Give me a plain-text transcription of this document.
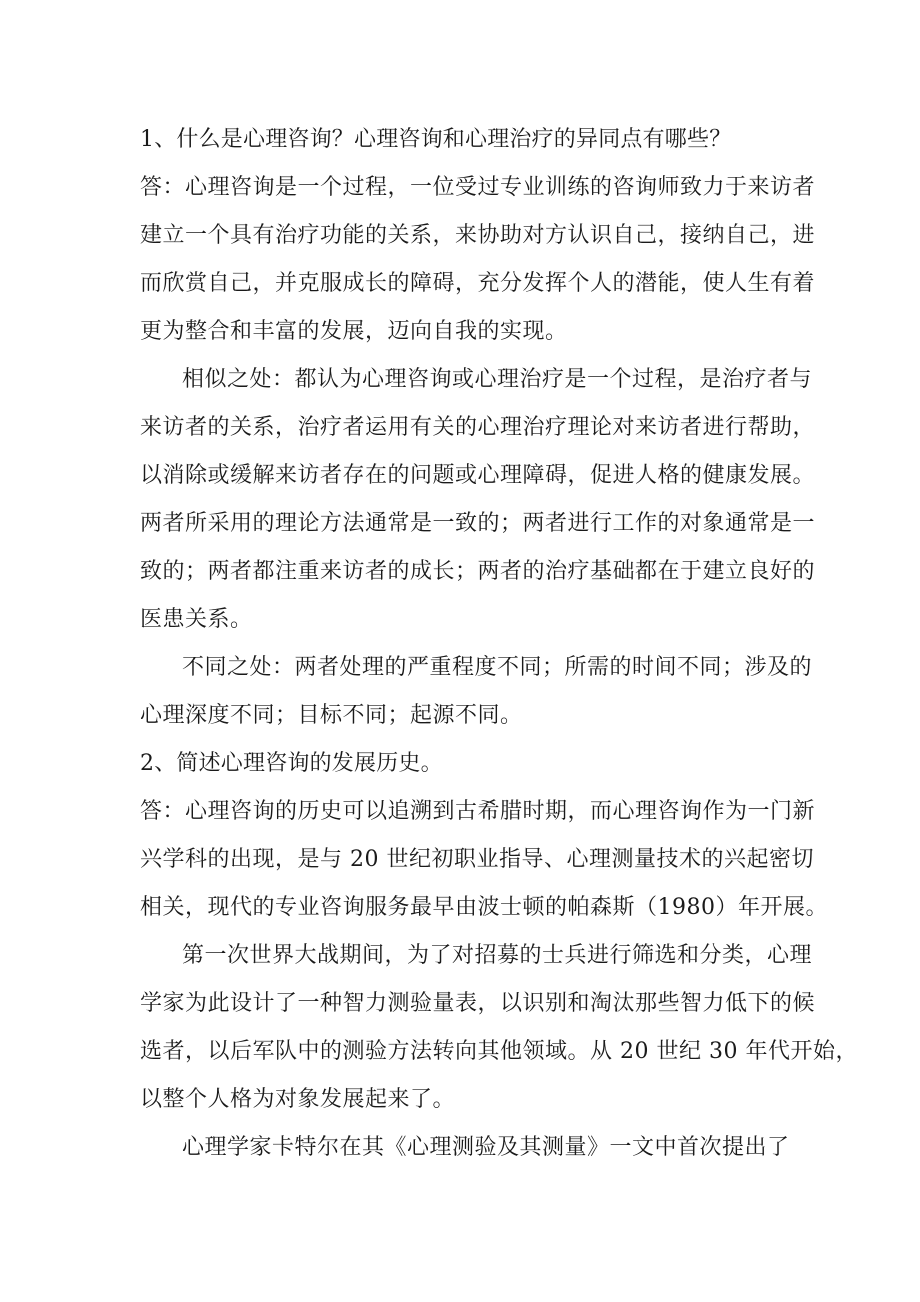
1、什么是心理咨询？心理咨询和心理治疗的异同点有哪些？
答：心理咨询是一个过程，一位受过专业训练的咨询师致力于来访者
建立一个具有治疗功能的关系，来协助对方认识自己，接纳自己，进
而欣赏自己，并克服成长的障碍，充分发挥个人的潜能，使人生有着
更为整合和丰富的发展，迈向自我的实现。
相似之处：都认为心理咨询或心理治疗是一个过程，是治疗者与
来访者的关系，治疗者运用有关的心理治疗理论对来访者进行帮助，
以消除或缓解来访者存在的问题或心理障碍，促进人格的健康发展。
两者所采用的理论方法通常是一致的；两者进行工作的对象通常是一
致的；两者都注重来访者的成长；两者的治疗基础都在于建立良好的
医患关系。
不同之处：两者处理的严重程度不同；所需的时间不同；涉及的
心理深度不同；目标不同；起源不同。
2、简述心理咨询的发展历史。
答：心理咨询的历史可以追溯到古希腊时期，而心理咨询作为一门新
兴学科的出现，是与 20 世纪初职业指导、心理测量技术的兴起密切
相关，现代的专业咨询服务最早由波士顿的帕森斯（1980）年开展。
第一次世界大战期间，为了对招募的士兵进行筛选和分类，心理
学家为此设计了一种智力测验量表，以识别和淘汰那些智力低下的候
选者，以后军队中的测验方法转向其他领域。从 20 世纪 30 年代开始，
以整个人格为对象发展起来了。
心理学家卡特尔在其《心理测验及其测量》一文中首次提出了
